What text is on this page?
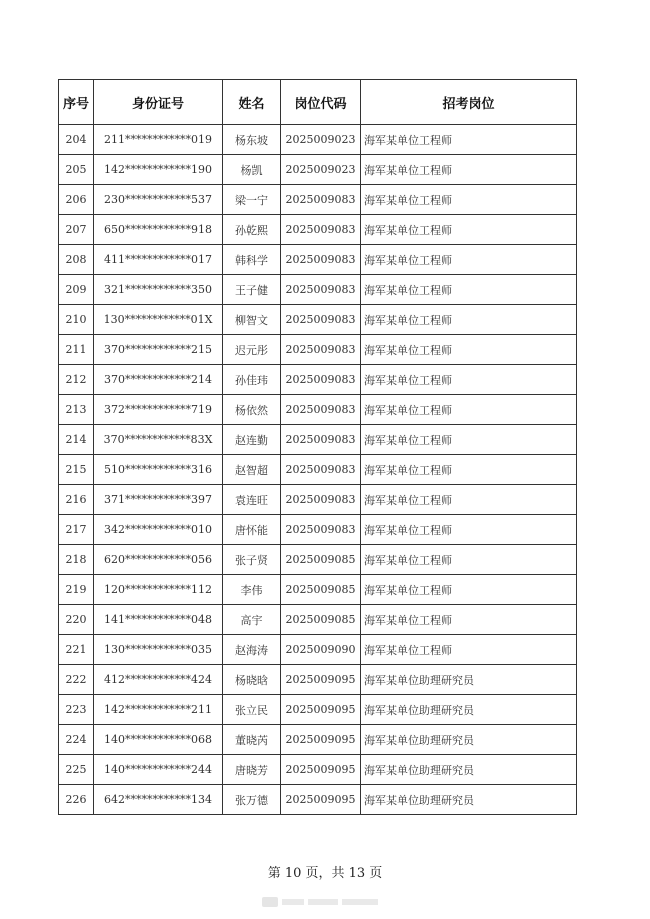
序号	身份证号	姓名	岗位代码	招考岗位
204	211************019	杨东坡	2025009023	海军某单位工程师
205	142************190	杨凯	2025009023	海军某单位工程师
206	230************537	梁一宁	2025009083	海军某单位工程师
207	650************918	孙乾熙	2025009083	海军某单位工程师
208	411************017	韩科学	2025009083	海军某单位工程师
209	321************350	王子健	2025009083	海军某单位工程师
210	130************01X	柳智文	2025009083	海军某单位工程师
211	370************215	迟元彤	2025009083	海军某单位工程师
212	370************214	孙佳玮	2025009083	海军某单位工程师
213	372************719	杨依然	2025009083	海军某单位工程师
214	370************83X	赵连勤	2025009083	海军某单位工程师
215	510************316	赵智超	2025009083	海军某单位工程师
216	371************397	袁连旺	2025009083	海军某单位工程师
217	342************010	唐怀能	2025009083	海军某单位工程师
218	620************056	张子贤	2025009085	海军某单位工程师
219	120************112	李伟	2025009085	海军某单位工程师
220	141************048	高宇	2025009085	海军某单位工程师
221	130************035	赵海涛	2025009090	海军某单位工程师
222	412************424	杨晓晗	2025009095	海军某单位助理研究员
223	142************211	张立民	2025009095	海军某单位助理研究员
224	140************068	董晓芮	2025009095	海军某单位助理研究员
225	140************244	唐晓芳	2025009095	海军某单位助理研究员
226	642************134	张万德	2025009095	海军某单位助理研究员
第 10 页，共 13 页
